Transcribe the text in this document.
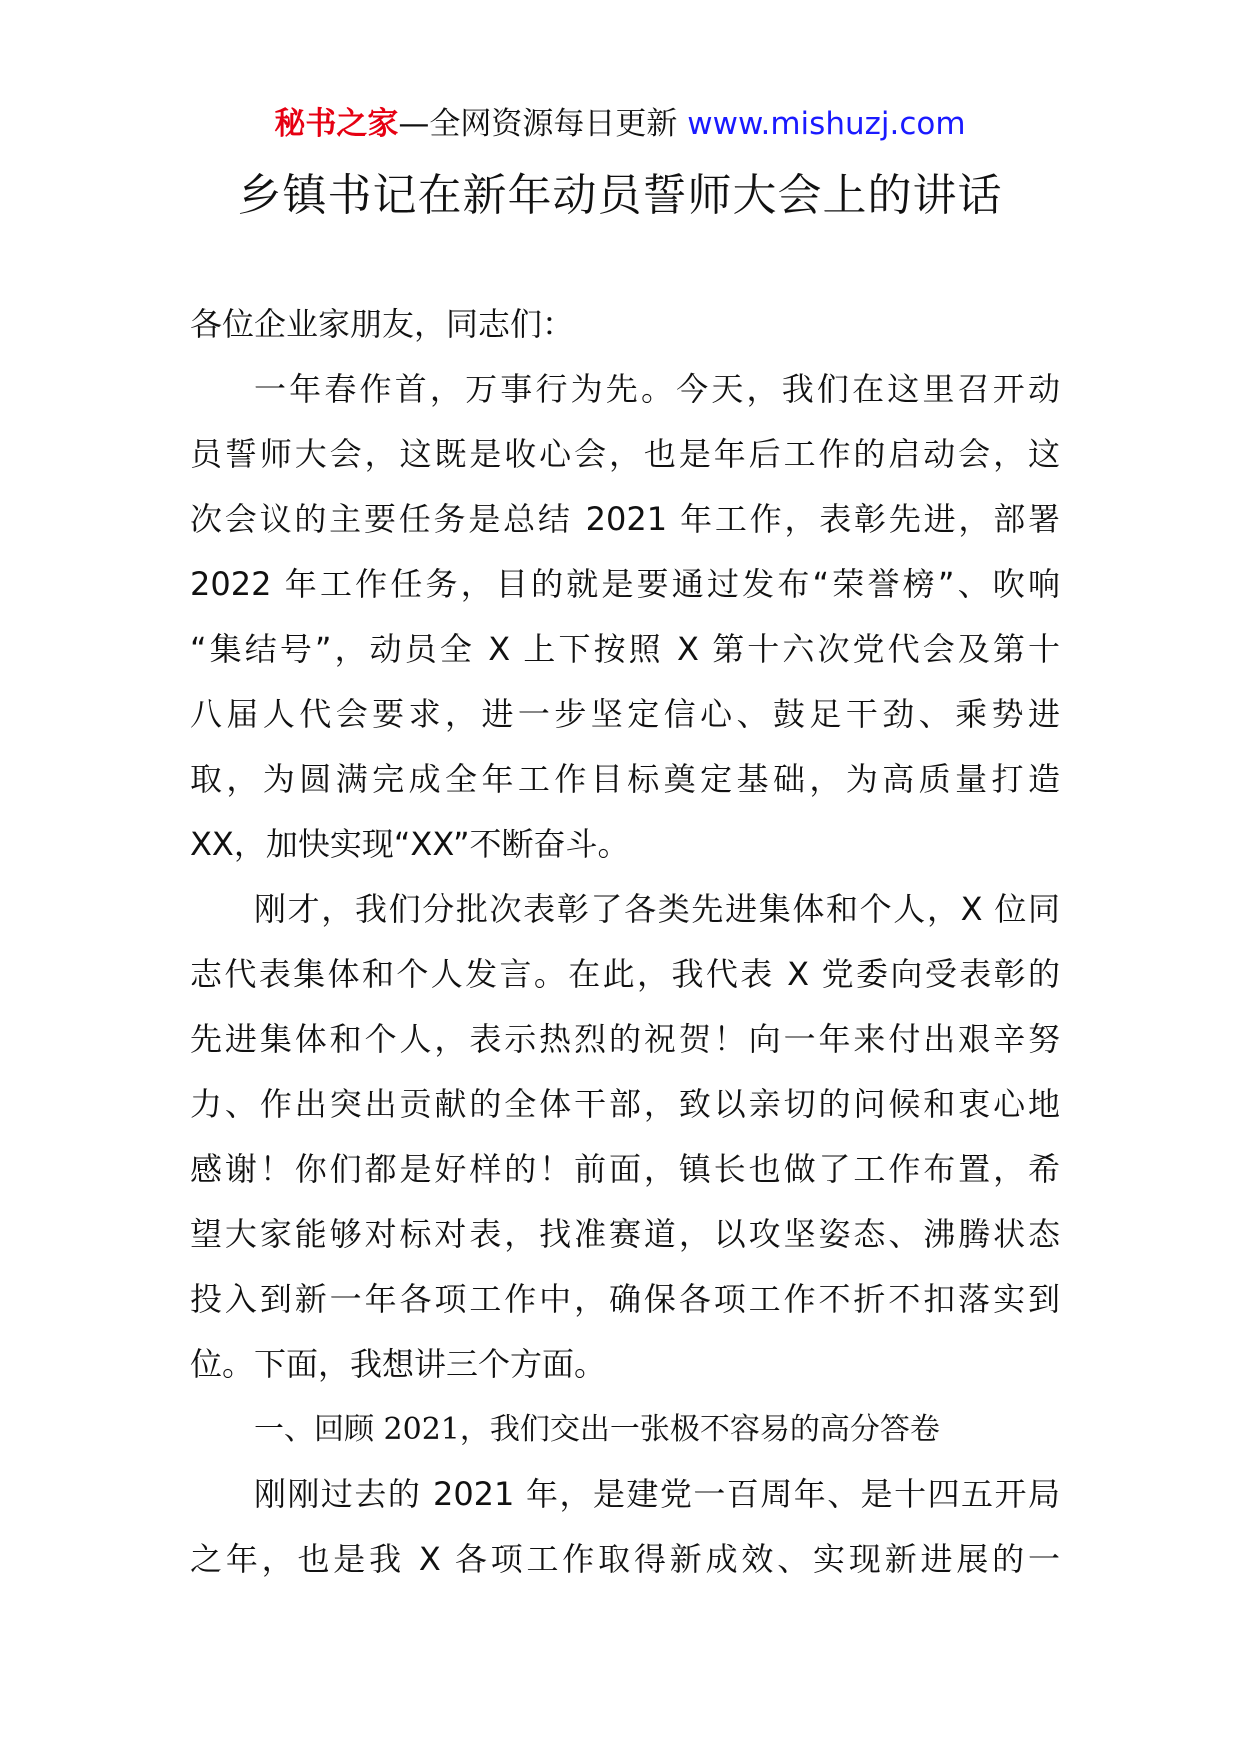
秘书之家—全网资源每日更新 www.mishuzj.com
乡镇书记在新年动员誓师大会上的讲话
各位企业家朋友，同志们：
一年春作首，万事行为先。今天，我们在这里召开动
员誓师大会，这既是收心会，也是年后工作的启动会，这
次会议的主要任务是总结 2021 年工作，表彰先进，部署
2022 年工作任务，目的就是要通过发布“荣誉榜”、吹响
“集结号”，动员全 X 上下按照 X 第十六次党代会及第十
八届人代会要求，进一步坚定信心、鼓足干劲、乘势进
取，为圆满完成全年工作目标奠定基础，为高质量打造
XX，加快实现“XX”不断奋斗。
刚才，我们分批次表彰了各类先进集体和个人，X 位同
志代表集体和个人发言。在此，我代表 X 党委向受表彰的
先进集体和个人，表示热烈的祝贺！向一年来付出艰辛努
力、作出突出贡献的全体干部，致以亲切的问候和衷心地
感谢！你们都是好样的！前面，镇长也做了工作布置，希
望大家能够对标对表，找准赛道，以攻坚姿态、沸腾状态
投入到新一年各项工作中，确保各项工作不折不扣落实到
位。下面，我想讲三个方面。
一、回顾 2021，我们交出一张极不容易的高分答卷
刚刚过去的 2021 年，是建党一百周年、是十四五开局
之年，也是我 X 各项工作取得新成效、实现新进展的一
